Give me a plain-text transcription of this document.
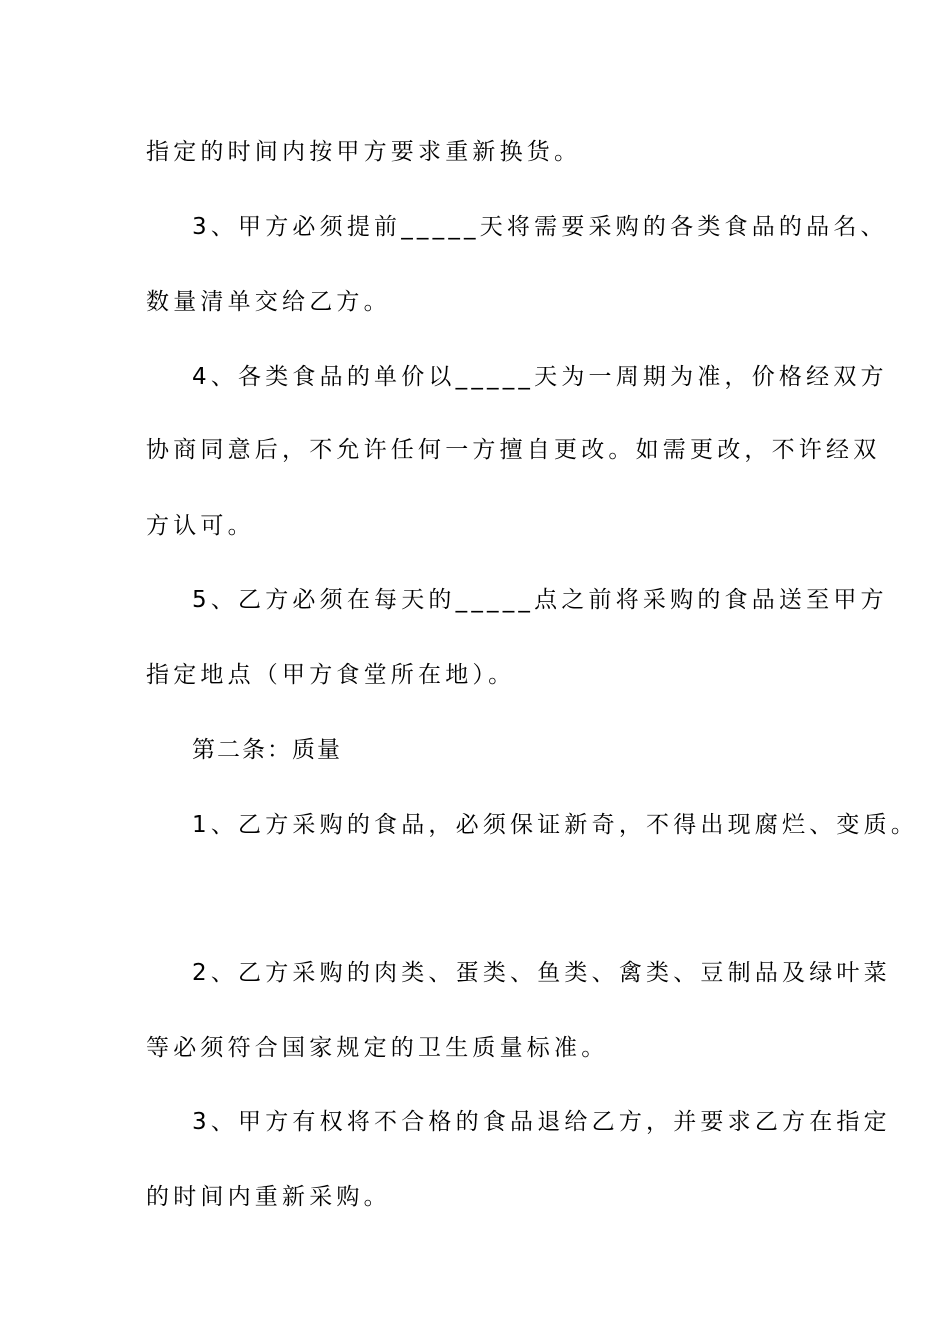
指定的时间内按甲方要求重新换货。
3、甲方必须提前_____天将需要采购的各类食品的品名、
数量清单交给乙方。
4、各类食品的单价以_____天为一周期为准，价格经双方
协商同意后，不允许任何一方擅自更改。如需更改，不许经双
方认可。
5、乙方必须在每天的_____点之前将采购的食品送至甲方
指定地点（甲方食堂所在地）。
第二条：质量
1、乙方采购的食品，必须保证新奇，不得出现腐烂、变质。
2、乙方采购的肉类、蛋类、鱼类、禽类、豆制品及绿叶菜
等必须符合国家规定的卫生质量标准。
3、甲方有权将不合格的食品退给乙方，并要求乙方在指定
的时间内重新采购。
